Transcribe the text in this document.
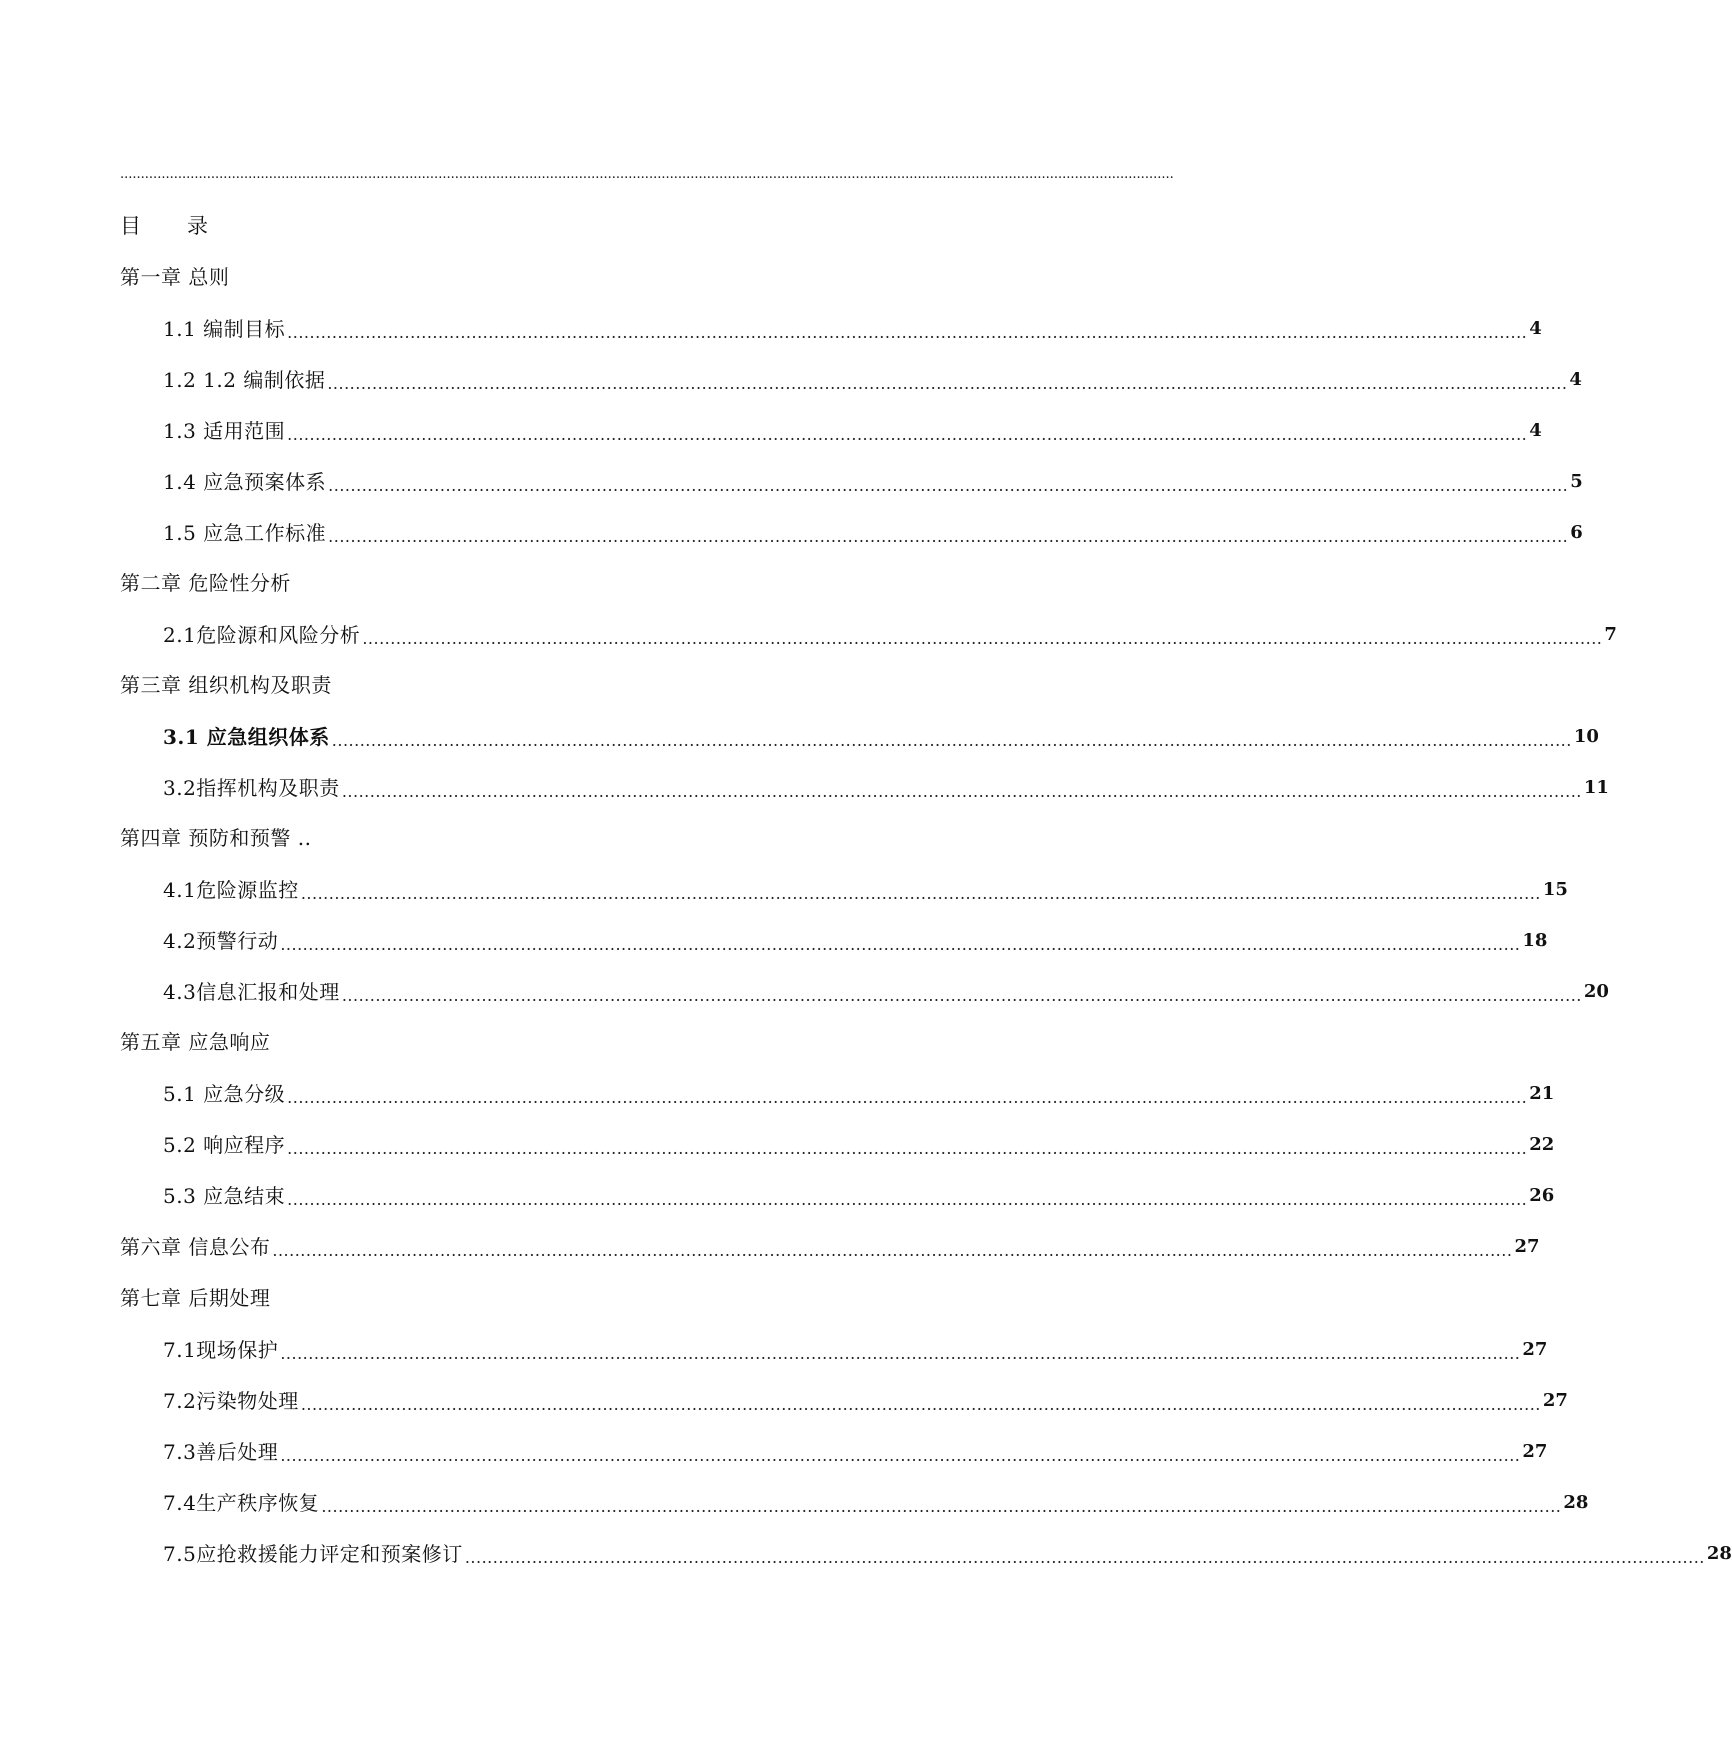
...............................................................................................................................................................................................................................................................
目 录
第一章 总则
1.1 编制目标 .............................................................................................................................................................................................................................. 4
1.2 1.2 编制依据 .............................................................................................................................................................................................................................. 4
1.3 适用范围 .............................................................................................................................................................................................................................. 4
1.4 应急预案体系 .............................................................................................................................................................................................................................. 5
1.5 应急工作标准 .............................................................................................................................................................................................................................. 6
第二章 危险性分析
2.1危险源和风险分析 .............................................................................................................................................................................................................................. 7
第三章 组织机构及职责
3.1 应急组织体系 .............................................................................................................................................................................................................................. 10
3.2指挥机构及职责 .............................................................................................................................................................................................................................. 11
第四章 预防和预警 ..
4.1危险源监控 .............................................................................................................................................................................................................................. 15
4.2预警行动 .............................................................................................................................................................................................................................. 18
4.3信息汇报和处理 .............................................................................................................................................................................................................................. 20
第五章 应急响应
5.1 应急分级 .............................................................................................................................................................................................................................. 21
5.2 响应程序 .............................................................................................................................................................................................................................. 22
5.3 应急结束 .............................................................................................................................................................................................................................. 26
第六章 信息公布 .............................................................................................................................................................................................................................. 27
第七章 后期处理
7.1现场保护 .............................................................................................................................................................................................................................. 27
7.2污染物处理 .............................................................................................................................................................................................................................. 27
7.3善后处理 .............................................................................................................................................................................................................................. 27
7.4生产秩序恢复 .............................................................................................................................................................................................................................. 28
7.5应抢救援能力评定和预案修订 .............................................................................................................................................................................................................................. 28
